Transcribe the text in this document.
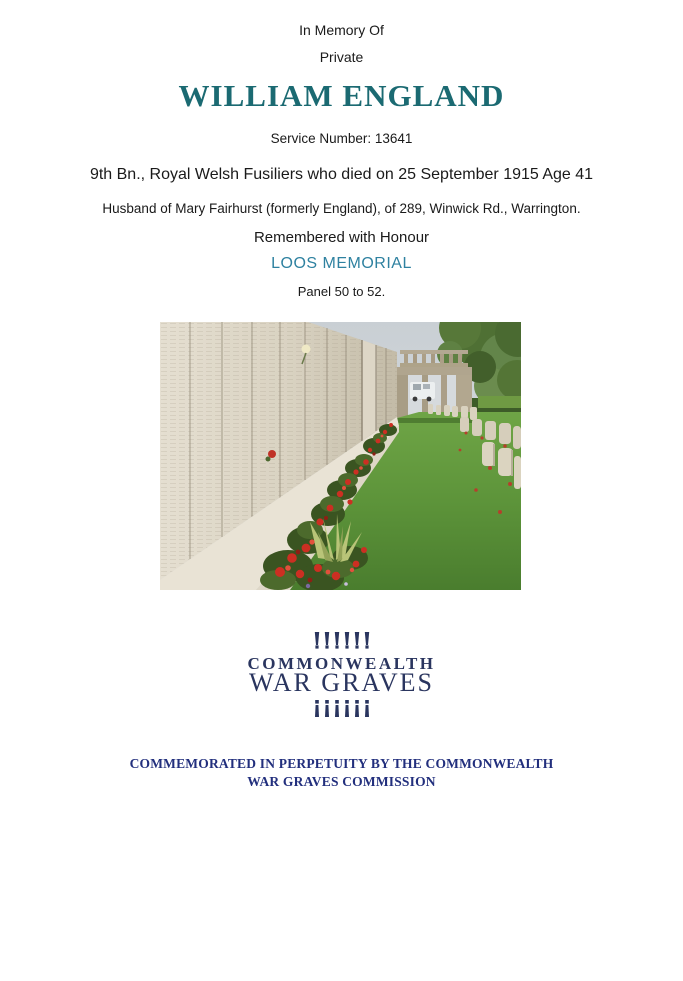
In Memory Of
Private
WILLIAM ENGLAND
Service Number: 13641
9th Bn., Royal Welsh Fusiliers who died on 25 September 1915 Age 41
Husband of Mary Fairhurst (formerly England), of 289, Winwick Rd., Warrington.
Remembered with Honour
LOOS MEMORIAL
Panel 50 to 52.
COMMONWEALTH
WAR GRAVES
COMMEMORATED IN PERPETUITY BY THE COMMONWEALTH
WAR GRAVES COMMISSION
